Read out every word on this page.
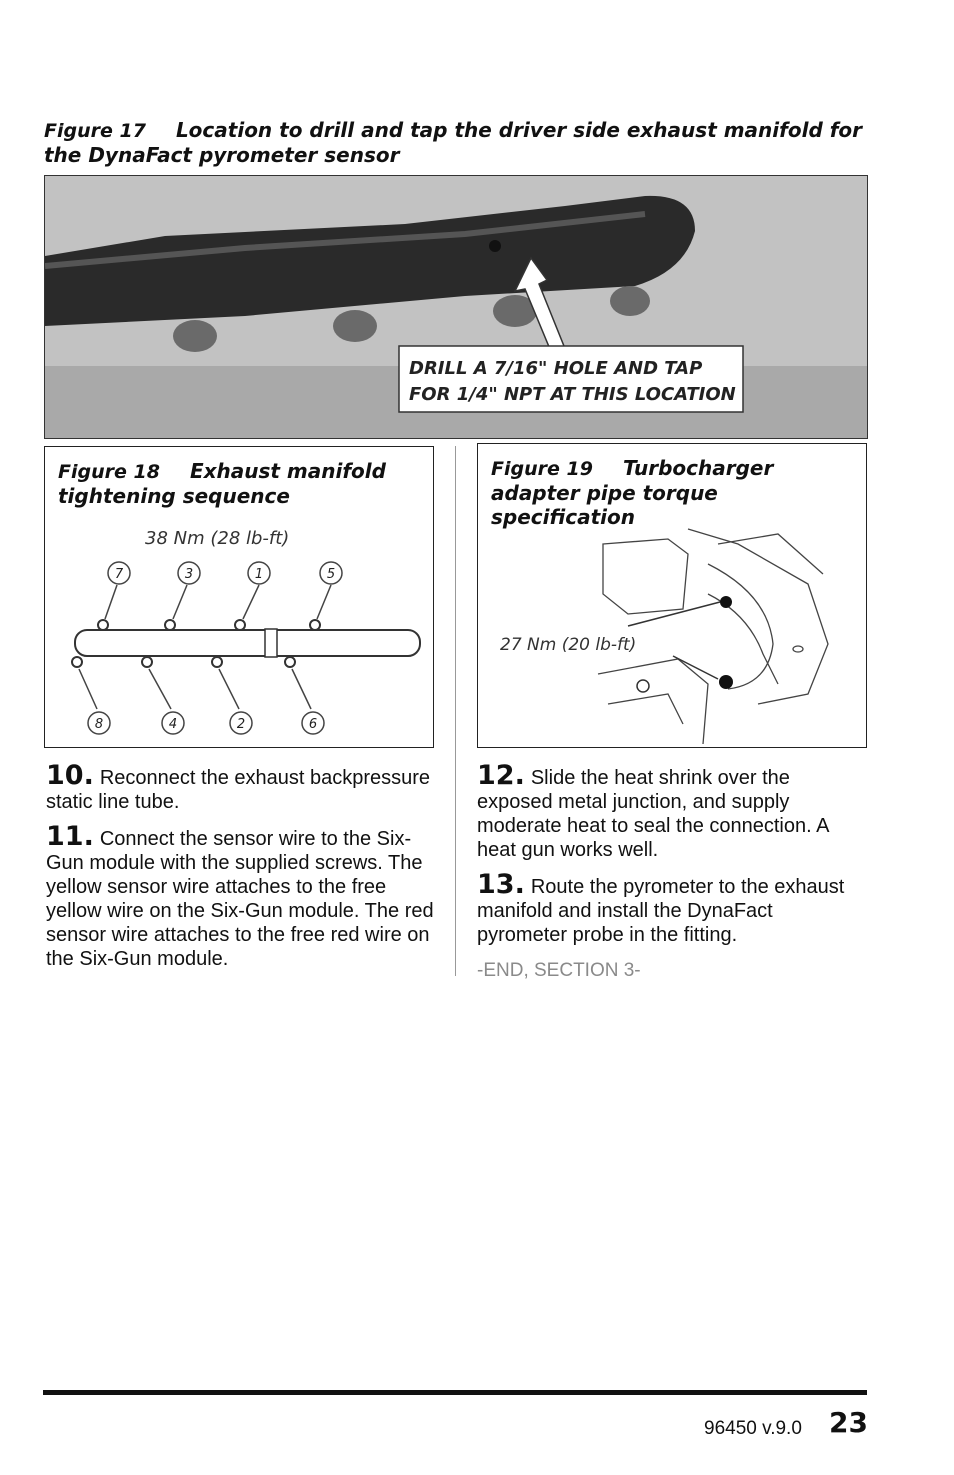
Figure 17 Location to drill and tap the driver side exhaust manifold for the DynaFact pyrometer sensor
DRILL A 7/16" HOLE AND TAP
FOR 1/4" NPT AT THIS LOCATION
Figure 18 Exhaust manifold tightening sequence
38 Nm (28 lb-ft)
7	3	1	5
8	4	2	6
Figure 19 Turbocharger adapter pipe torque specification
27 Nm (20 lb-ft)
10. Reconnect the exhaust backpressure static line tube.
11. Connect the sensor wire to the Six-Gun module with the supplied screws. The yellow sensor wire attaches to the free yellow wire on the Six-Gun module. The red sensor wire attaches to the free red wire on the Six-Gun module.
12. Slide the heat shrink over the exposed metal junction, and supply moderate heat to seal the connection. A heat gun works well.
13. Route the pyrometer to the exhaust manifold and install the DynaFact pyrometer probe in the fitting.
-END, SECTION 3-
96450 v.9.0 23
